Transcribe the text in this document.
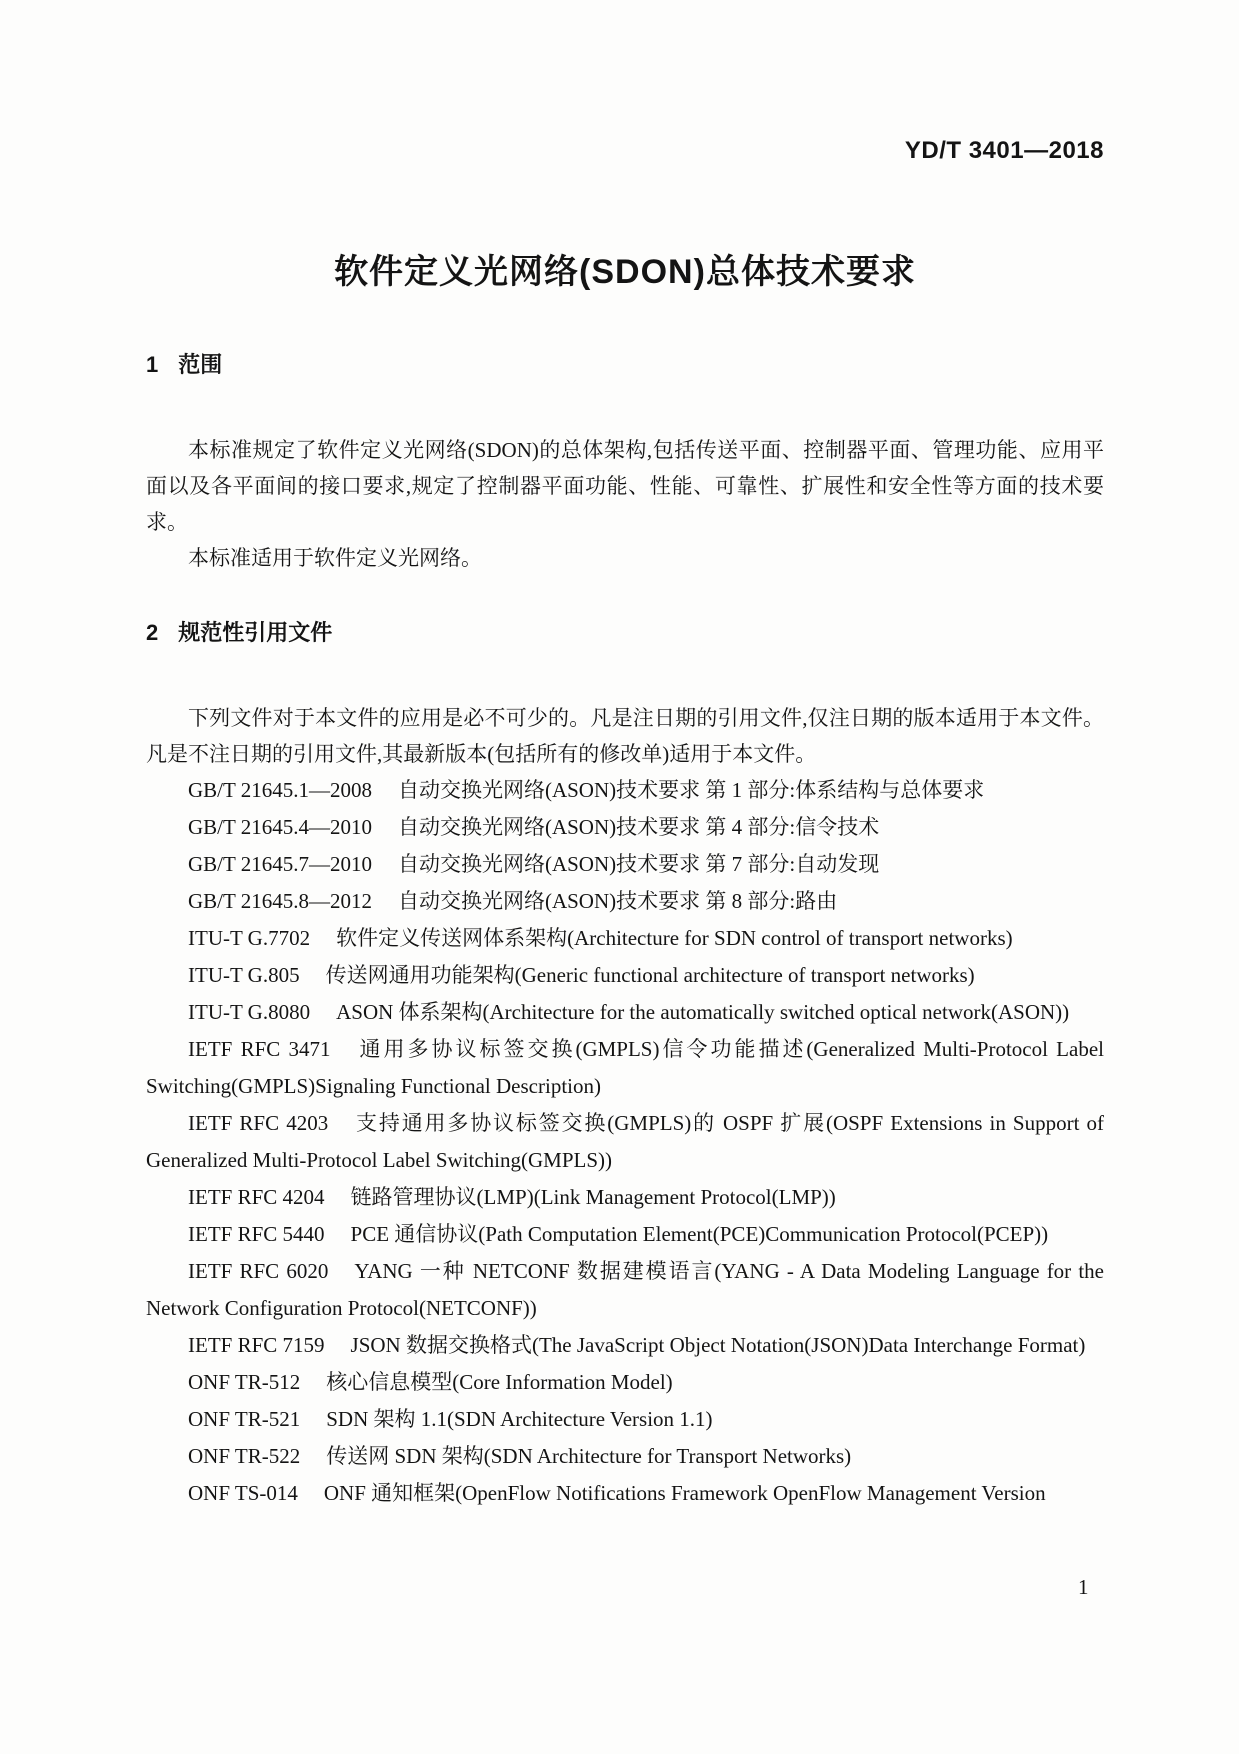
YD/T 3401—2018
软件定义光网络(SDON)总体技术要求
1 范围

本标准规定了软件定义光网络(SDON)的总体架构,包括传送平面、控制器平面、管理功能、应用平面以及各平面间的接口要求,规定了控制器平面功能、性能、可靠性、扩展性和安全性等方面的技术要求。

本标准适用于软件定义光网络。

2 规范性引用文件

下列文件对于本文件的应用是必不可少的。凡是注日期的引用文件,仅注日期的版本适用于本文件。凡是不注日期的引用文件,其最新版本(包括所有的修改单)适用于本文件。

GB/T 21645.1—2008 自动交换光网络(ASON)技术要求 第 1 部分:体系结构与总体要求

GB/T 21645.4—2010 自动交换光网络(ASON)技术要求 第 4 部分:信令技术

GB/T 21645.7—2010 自动交换光网络(ASON)技术要求 第 7 部分:自动发现

GB/T 21645.8—2012 自动交换光网络(ASON)技术要求 第 8 部分:路由

ITU-T G.7702 软件定义传送网体系架构(Architecture for SDN control of transport networks)

ITU-T G.805 传送网通用功能架构(Generic functional architecture of transport networks)

ITU-T G.8080 ASON 体系架构(Architecture for the automatically switched optical network(ASON))

IETF RFC 3471 通用多协议标签交换(GMPLS)信令功能描述(Generalized Multi-Protocol Label Switching(GMPLS)Signaling Functional Description)

IETF RFC 4203 支持通用多协议标签交换(GMPLS)的 OSPF 扩展(OSPF Extensions in Support of Generalized Multi-Protocol Label Switching(GMPLS))

IETF RFC 4204 链路管理协议(LMP)(Link Management Protocol(LMP))

IETF RFC 5440 PCE 通信协议(Path Computation Element(PCE)Communication Protocol(PCEP))

IETF RFC 6020 YANG 一种 NETCONF 数据建模语言(YANG - A Data Modeling Language for the Network Configuration Protocol(NETCONF))

IETF RFC 7159 JSON 数据交换格式(The JavaScript Object Notation(JSON)Data Interchange Format)

ONF TR-512 核心信息模型(Core Information Model)

ONF TR-521 SDN 架构 1.1(SDN Architecture Version 1.1)

ONF TR-522 传送网 SDN 架构(SDN Architecture for Transport Networks)

ONF TS-014 ONF 通知框架(OpenFlow Notifications Framework OpenFlow Management Version

1
